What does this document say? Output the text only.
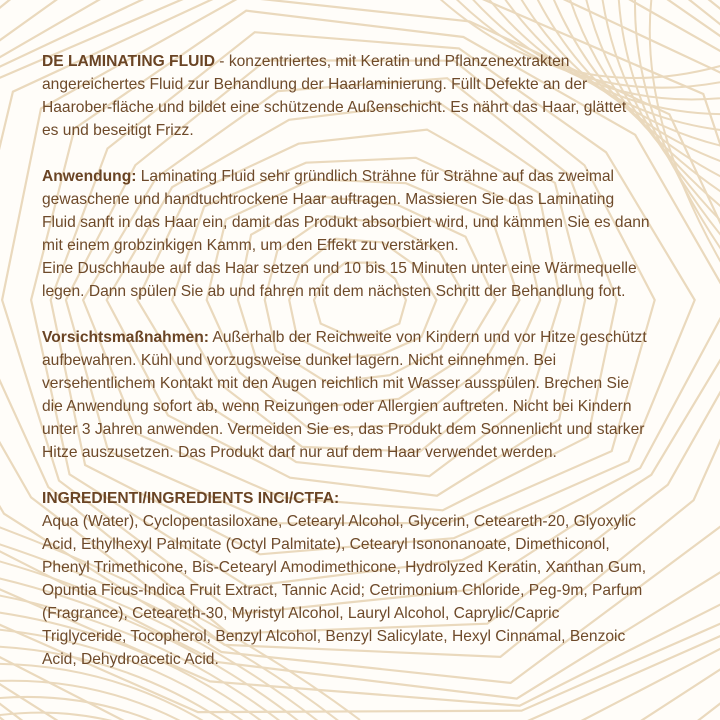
DE LAMINATING FLUID - konzentriertes, mit Keratin und Pflanzenextrakten
angereichertes Fluid zur Behandlung der Haarlaminierung. Füllt Defekte an der
Haarober-fläche und bildet eine schützende Außenschicht. Es nährt das Haar, glättet
es und beseitigt Frizz.
Anwendung: Laminating Fluid sehr gründlich Strähne für Strähne auf das zweimal
gewaschene und handtuchtrockene Haar auftragen. Massieren Sie das Laminating
Fluid sanft in das Haar ein, damit das Produkt absorbiert wird, und kämmen Sie es dann
mit einem grobzinkigen Kamm, um den Effekt zu verstärken.
Eine Duschhaube auf das Haar setzen und 10 bis 15 Minuten unter eine Wärmequelle
legen. Dann spülen Sie ab und fahren mit dem nächsten Schritt der Behandlung fort.
Vorsichtsmaßnahmen: Außerhalb der Reichweite von Kindern und vor Hitze geschützt
aufbewahren. Kühl und vorzugsweise dunkel lagern. Nicht einnehmen. Bei
versehentlichem Kontakt mit den Augen reichlich mit Wasser ausspülen. Brechen Sie
die Anwendung sofort ab, wenn Reizungen oder Allergien auftreten. Nicht bei Kindern
unter 3 Jahren anwenden. Vermeiden Sie es, das Produkt dem Sonnenlicht und starker
Hitze auszusetzen. Das Produkt darf nur auf dem Haar verwendet werden.
INGREDIENTI/INGREDIENTS INCI/CTFA:
Aqua (Water), Cyclopentasiloxane, Cetearyl Alcohol, Glycerin, Ceteareth-20, Glyoxylic
Acid, Ethylhexyl Palmitate (Octyl Palmitate), Cetearyl Isononanoate, Dimethiconol,
Phenyl Trimethicone, Bis-Cetearyl Amodimethicone, Hydrolyzed Keratin, Xanthan Gum,
Opuntia Ficus-Indica Fruit Extract, Tannic Acid; Cetrimonium Chloride, Peg-9m, Parfum
(Fragrance), Ceteareth-30, Myristyl Alcohol, Lauryl Alcohol, Caprylic/Capric
Triglyceride, Tocopherol, Benzyl Alcohol, Benzyl Salicylate, Hexyl Cinnamal, Benzoic
Acid, Dehydroacetic Acid.
